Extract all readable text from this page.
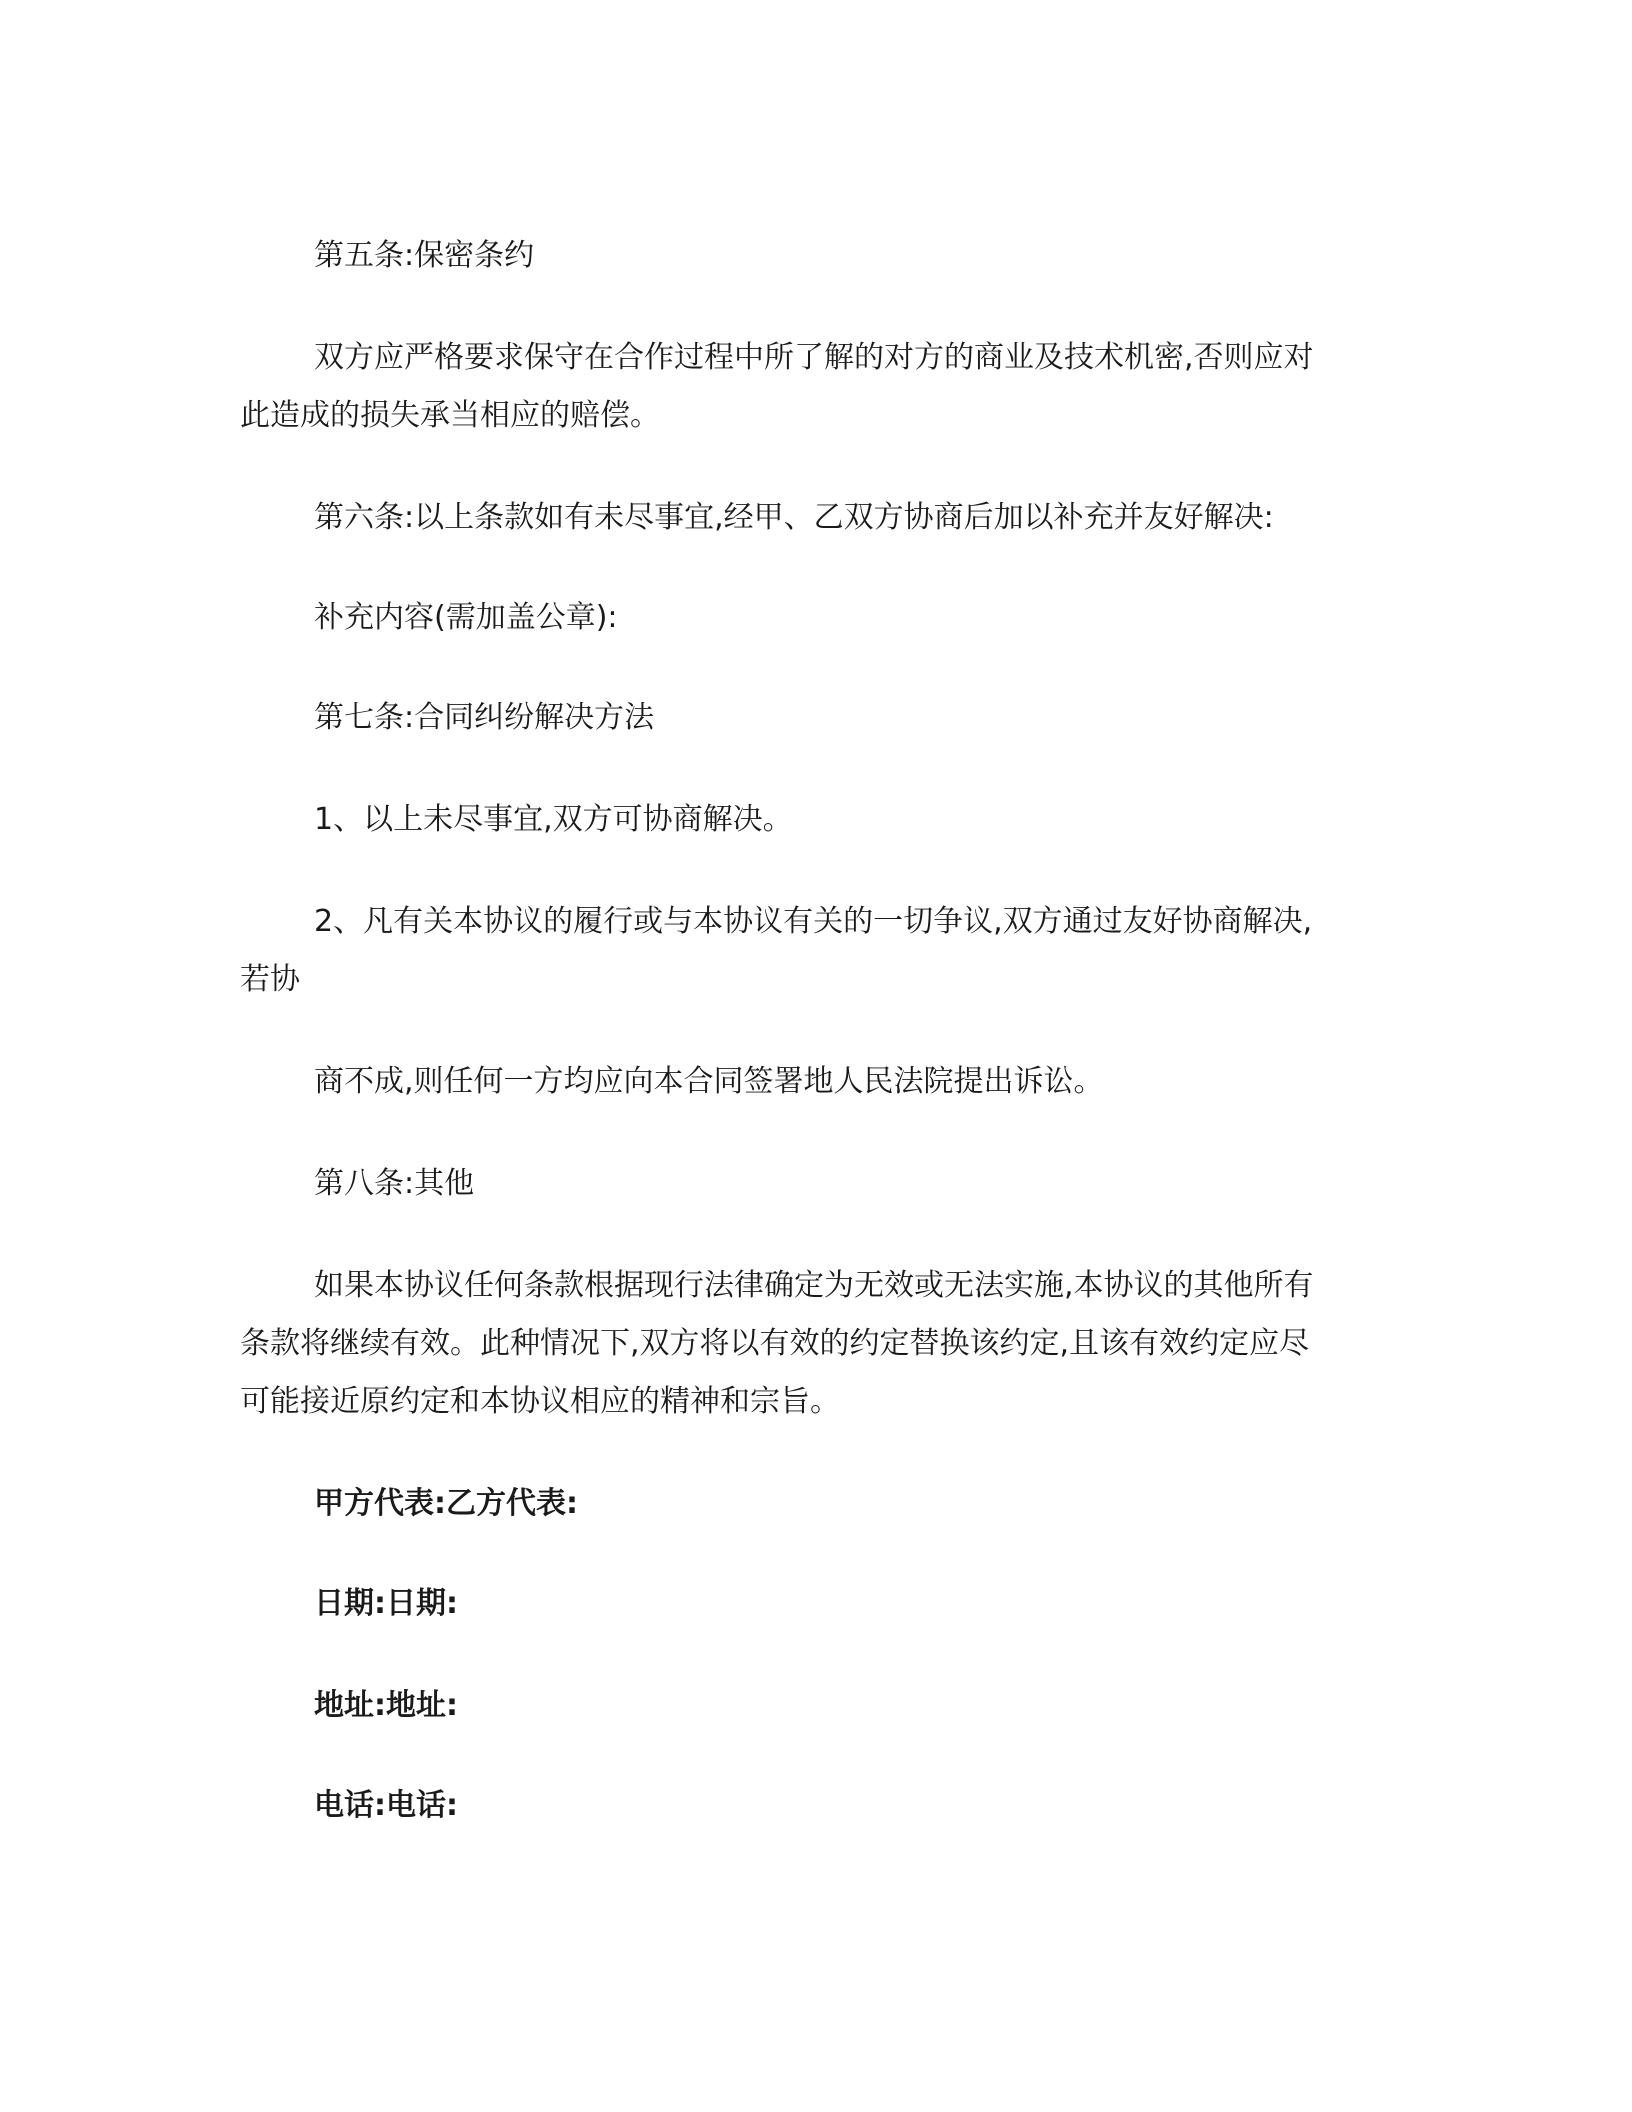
第五条:保密条约

双方应严格要求保守在合作过程中所了解的对方的商业及技术机密,否则应对

此造成的损失承当相应的赔偿。

第六条:以上条款如有未尽事宜,经甲、乙双方协商后加以补充并友好解决:

补充内容(需加盖公章):

第七条:合同纠纷解决方法

1、以上未尽事宜,双方可协商解决。

2、凡有关本协议的履行或与本协议有关的一切争议,双方通过友好协商解决,

若协

商不成,则任何一方均应向本合同签署地人民法院提出诉讼。

第八条:其他

如果本协议任何条款根据现行法律确定为无效或无法实施,本协议的其他所有

条款将继续有效。此种情况下,双方将以有效的约定替换该约定,且该有效约定应尽

可能接近原约定和本协议相应的精神和宗旨。

甲方代表:乙方代表:

日期:日期:

地址:地址:

电话:电话:
